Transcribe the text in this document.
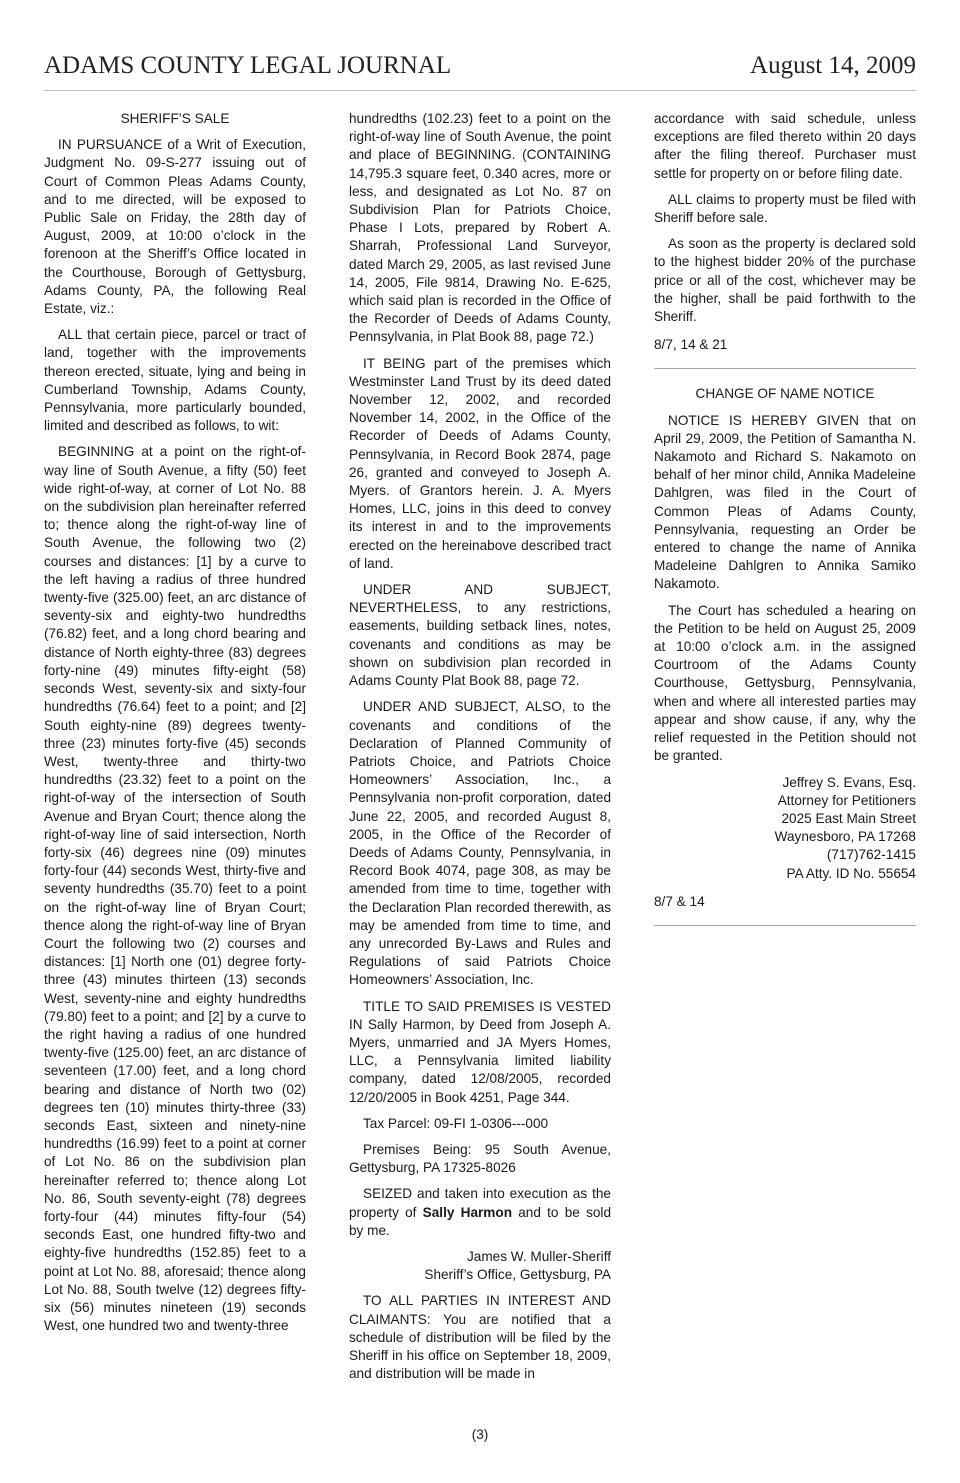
ADAMS COUNTY LEGAL JOURNAL	August 14, 2009

SHERIFF’S SALE

IN PURSUANCE of a Writ of Execution, Judgment No. 09-S-277 issuing out of Court of Common Pleas Adams County, and to me directed, will be exposed to Public Sale on Friday, the 28th day of August, 2009, at 10:00 o’clock in the forenoon at the Sheriff’s Office located in the Courthouse, Borough of Gettysburg, Adams County, PA, the following Real Estate, viz.:

ALL that certain piece, parcel or tract of land, together with the improvements thereon erected, situate, lying and being in Cumberland Township, Adams County, Pennsylvania, more particularly bounded, limited and described as follows, to wit:

BEGINNING at a point on the right-of-way line of South Avenue, a fifty (50) feet wide right-of-way, at corner of Lot No. 88 on the subdivision plan hereinafter referred to; thence along the right-of-way line of South Avenue, the following two (2) courses and distances: [1] by a curve to the left having a radius of three hundred twenty-five (325.00) feet, an arc distance of seventy-six and eighty-two hundredths (76.82) feet, and a long chord bearing and distance of North eighty-three (83) degrees forty-nine (49) minutes fifty-eight (58) seconds West, seventy-six and sixty-four hundredths (76.64) feet to a point; and [2] South eighty-nine (89) degrees twenty-three (23) minutes forty-five (45) seconds West, twenty-three and thirty-two hundredths (23.32) feet to a point on the right-of-way of the intersection of South Avenue and Bryan Court; thence along the right-of-way line of said intersection, North forty-six (46) degrees nine (09) minutes forty-four (44) seconds West, thirty-five and seventy hundredths (35.70) feet to a point on the right-of-way line of Bryan Court; thence along the right-of-way line of Bryan Court the following two (2) courses and distances: [1] North one (01) degree forty-three (43) minutes thirteen (13) seconds West, seventy-nine and eighty hundredths (79.80) feet to a point; and [2] by a curve to the right having a radius of one hundred twenty-five (125.00) feet, an arc distance of seventeen (17.00) feet, and a long chord bearing and distance of North two (02) degrees ten (10) minutes thirty-three (33) seconds East, sixteen and ninety-nine hundredths (16.99) feet to a point at corner of Lot No. 86 on the subdivision plan hereinafter referred to; thence along Lot No. 86, South seventy-eight (78) degrees forty-four (44) minutes fifty-four (54) seconds East, one hundred fifty-two and eighty-five hundredths (152.85) feet to a point at Lot No. 88, aforesaid; thence along Lot No. 88, South twelve (12) degrees fifty-six (56) minutes nineteen (19) seconds West, one hundred two and twenty-three

hundredths (102.23) feet to a point on the right-of-way line of South Avenue, the point and place of BEGINNING. (CONTAINING 14,795.3 square feet, 0.340 acres, more or less, and designated as Lot No. 87 on Subdivision Plan for Patriots Choice, Phase I Lots, prepared by Robert A. Sharrah, Professional Land Surveyor, dated March 29, 2005, as last revised June 14, 2005, File 9814, Drawing No. E-625, which said plan is recorded in the Office of the Recorder of Deeds of Adams County, Pennsylvania, in Plat Book 88, page 72.)

IT BEING part of the premises which Westminster Land Trust by its deed dated November 12, 2002, and recorded November 14, 2002, in the Office of the Recorder of Deeds of Adams County, Pennsylvania, in Record Book 2874, page 26, granted and conveyed to Joseph A. Myers. of Grantors herein. J. A. Myers Homes, LLC, joins in this deed to convey its interest in and to the improvements erected on the hereinabove described tract of land.

UNDER AND SUBJECT, NEVERTHELESS, to any restrictions, easements, building setback lines, notes, covenants and conditions as may be shown on subdivision plan recorded in Adams County Plat Book 88, page 72.

UNDER AND SUBJECT, ALSO, to the covenants and conditions of the Declaration of Planned Community of Patriots Choice, and Patriots Choice Homeowners’ Association, Inc., a Pennsylvania non-profit corporation, dated June 22, 2005, and recorded August 8, 2005, in the Office of the Recorder of Deeds of Adams County, Pennsylvania, in Record Book 4074, page 308, as may be amended from time to time, together with the Declaration Plan recorded therewith, as may be amended from time to time, and any unrecorded By-Laws and Rules and Regulations of said Patriots Choice Homeowners’ Association, Inc.

TITLE TO SAID PREMISES IS VESTED IN Sally Harmon, by Deed from Joseph A. Myers, unmarried and JA Myers Homes, LLC, a Pennsylvania limited liability company, dated 12/08/2005, recorded 12/20/2005 in Book 4251, Page 344.

Tax Parcel: 09-FI 1-0306---000

Premises Being: 95 South Avenue, Gettysburg, PA 17325-8026

SEIZED and taken into execution as the property of Sally Harmon and to be sold by me.

James W. Muller-Sheriff
Sheriff’s Office, Gettysburg, PA

TO ALL PARTIES IN INTEREST AND CLAIMANTS: You are notified that a schedule of distribution will be filed by the Sheriff in his office on September 18, 2009, and distribution will be made in

accordance with said schedule, unless exceptions are filed thereto within 20 days after the filing thereof. Purchaser must settle for property on or before filing date.

ALL claims to property must be filed with Sheriff before sale.

As soon as the property is declared sold to the highest bidder 20% of the purchase price or all of the cost, whichever may be the higher, shall be paid forthwith to the Sheriff.

8/7, 14 & 21

CHANGE OF NAME NOTICE

NOTICE IS HEREBY GIVEN that on April 29, 2009, the Petition of Samantha N. Nakamoto and Richard S. Nakamoto on behalf of her minor child, Annika Madeleine Dahlgren, was filed in the Court of Common Pleas of Adams County, Pennsylvania, requesting an Order be entered to change the name of Annika Madeleine Dahlgren to Annika Samiko Nakamoto.

The Court has scheduled a hearing on the Petition to be held on August 25, 2009 at 10:00 o’clock a.m. in the assigned Courtroom of the Adams County Courthouse, Gettysburg, Pennsylvania, when and where all interested parties may appear and show cause, if any, why the relief requested in the Petition should not be granted.

Jeffrey S. Evans, Esq.
Attorney for Petitioners
2025 East Main Street
Waynesboro, PA 17268
(717)762-1415
PA Atty. ID No. 55654

8/7 & 14

(3)
